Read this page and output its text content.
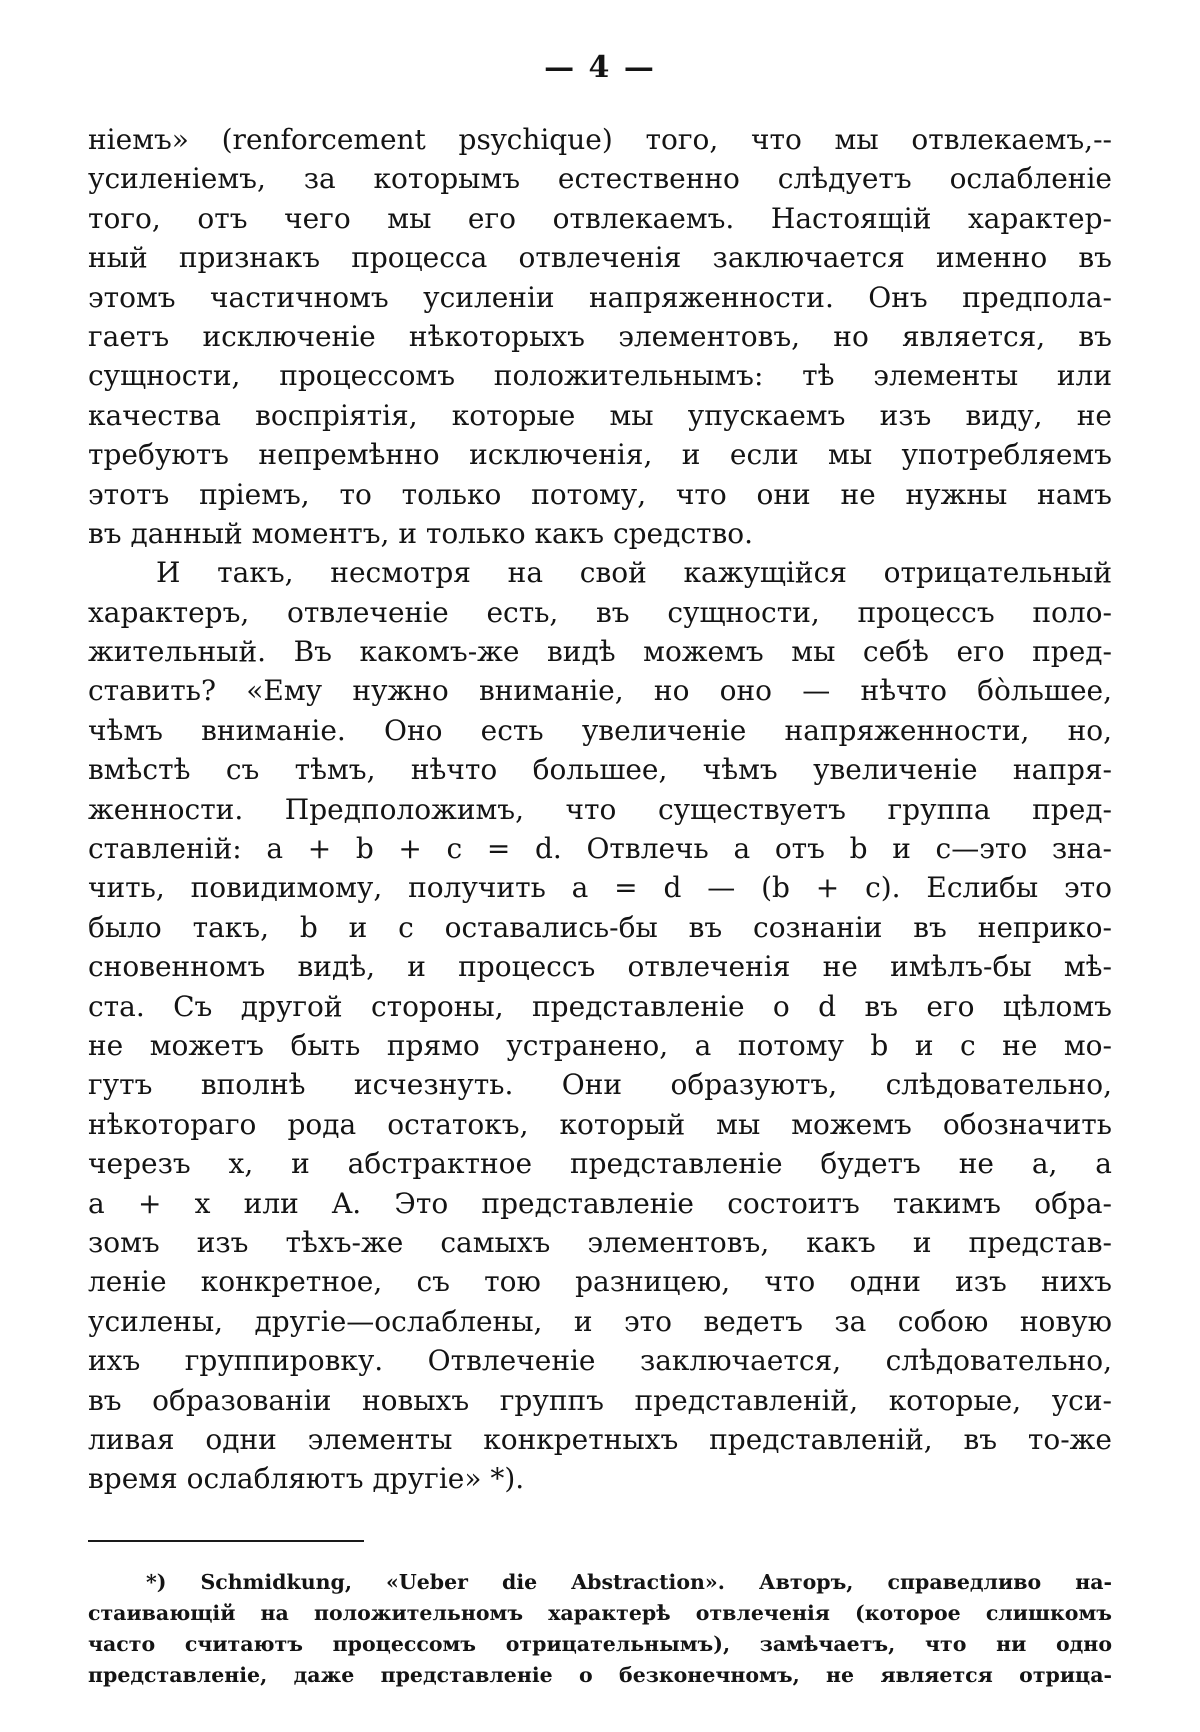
— 4 —
ніемъ» (renforcement psychique) того, что мы отвлекаемъ,--
усиленіемъ, за которымъ естественно слѣдуетъ ослабленіе
того, отъ чего мы его отвлекаемъ. Настоящій характер-
ный признакъ процесса отвлеченія заключается именно въ
этомъ частичномъ усиленіи напряженности. Онъ предпола-
гаетъ исключеніе нѣкоторыхъ элементовъ, но является, въ
сущности, процессомъ положительнымъ: тѣ элементы или
качества воспріятія, которые мы упускаемъ изъ виду, не
требуютъ непремѣнно исключенія, и если мы употребляемъ
этотъ пріемъ, то только потому, что они не нужны намъ
въ данный моментъ, и только какъ средство.
И такъ, несмотря на свой кажущійся отрицательный
характеръ, отвлеченіе есть, въ сущности, процессъ поло-
жительный. Въ какомъ-же видѣ можемъ мы себѣ его пред-
ставить? «Ему нужно вниманіе, но оно — нѣчто бо̀льшее,
чѣмъ вниманіе. Оно есть увеличеніе напряженности, но,
вмѣстѣ съ тѣмъ, нѣчто большее, чѣмъ увеличеніе напря-
женности. Предположимъ, что существуетъ группа пред-
ставленій: a + b + c = d. Отвлечь a отъ b и c—это зна-
чить, повидимому, получить a = d — (b + c). Еслибы это
было такъ, b и c оставались-бы въ сознаніи въ неприко-
сновенномъ видѣ, и процессъ отвлеченія не имѣлъ-бы мѣ-
ста. Съ другой стороны, представленіе о d въ его цѣломъ
не можетъ быть прямо устранено, а потому b и c не мо-
гутъ вполнѣ исчезнуть. Они образуютъ, слѣдовательно,
нѣкотораго рода остатокъ, который мы можемъ обозначить
черезъ x, и абстрактное представленіе будетъ не a, а
a + x или A. Это представленіе состоитъ такимъ обра-
зомъ изъ тѣхъ-же самыхъ элементовъ, какъ и представ-
леніе конкретное, съ тою разницею, что одни изъ нихъ
усилены, другіе—ослаблены, и это ведетъ за собою новую
ихъ группировку. Отвлеченіе заключается, слѣдовательно,
въ образованіи новыхъ группъ представленій, которые, уси-
ливая одни элементы конкретныхъ представленій, въ то-же
время ослабляютъ другіе» *).
*) Schmidkung, «Ueber die Abstraction». Авторъ, справедливо на-
стаивающій на положительномъ характерѣ отвлеченія (которое слишкомъ
часто считаютъ процессомъ отрицательнымъ), замѣчаетъ, что ни одно
представленіе, даже представленіе о безконечномъ, не является отрица-
